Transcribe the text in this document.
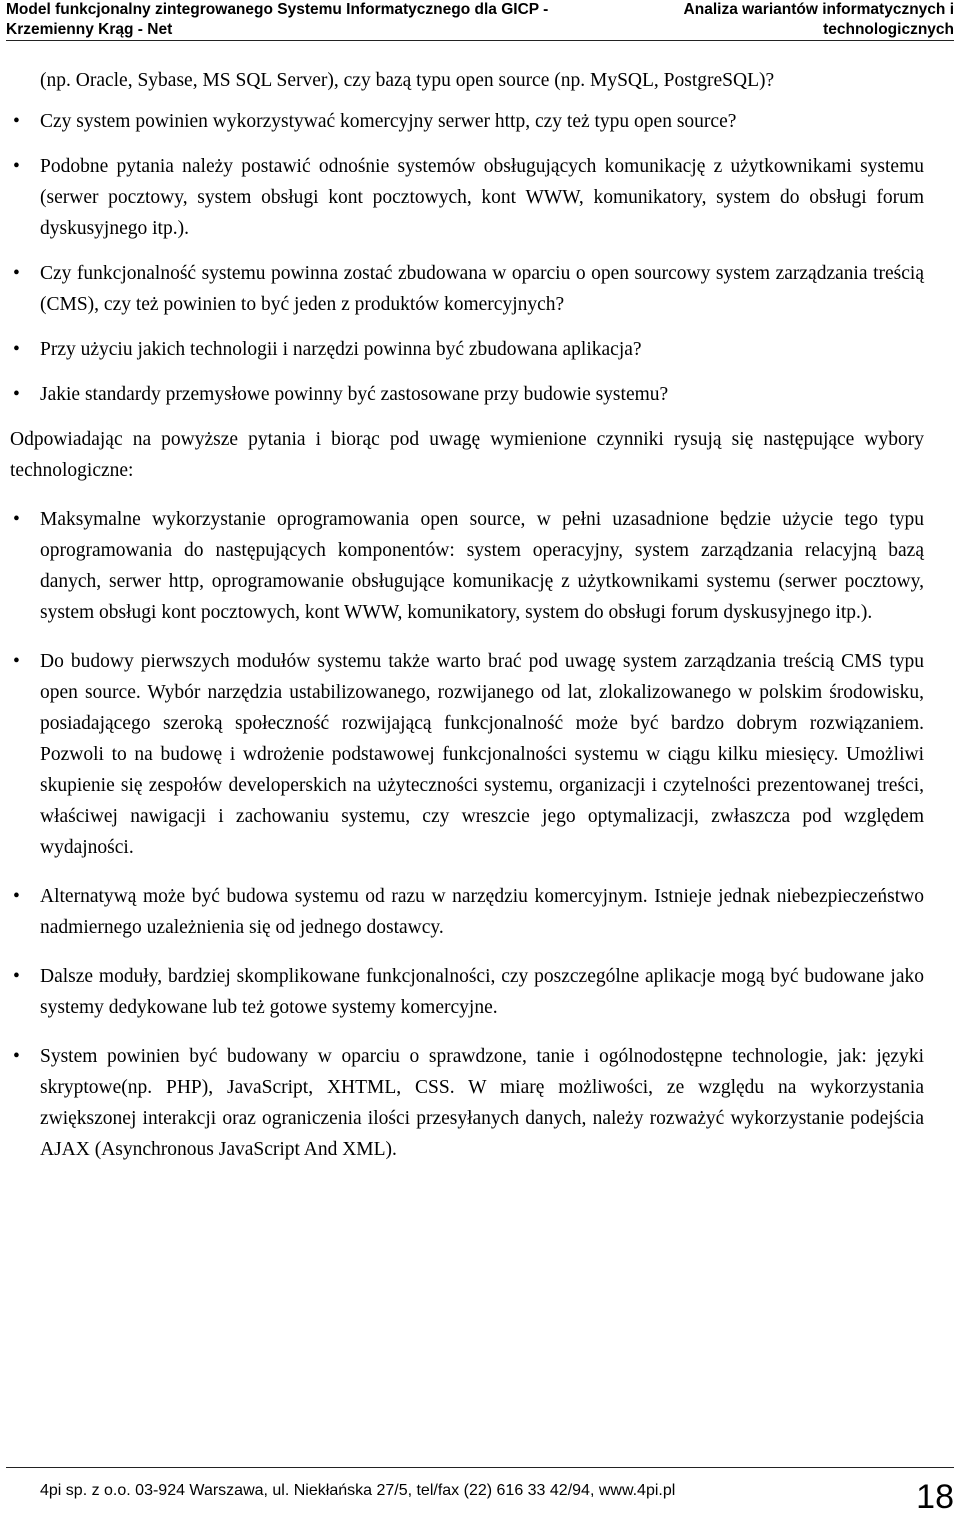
Model funkcjonalny zintegrowanego Systemu Informatycznego dla GICP - Krzemienny Krąg - Net
Analiza wariantów informatycznych i technologicznych

(np. Oracle, Sybase, MS SQL Server), czy bazą typu open source (np. MySQL, PostgreSQL)?

• Czy system powinien wykorzystywać komercyjny serwer http, czy też typu open source?
• Podobne pytania należy postawić odnośnie systemów obsługujących komunikację z użytkownikami systemu (serwer pocztowy, system obsługi kont pocztowych, kont WWW, komunikatory, system do obsługi forum dyskusyjnego itp.).
• Czy funkcjonalność systemu powinna zostać zbudowana w oparciu o open sourcowy system zarządzania treścią (CMS), czy też powinien to być jeden z produktów komercyjnych?
• Przy użyciu jakich technologii i narzędzi powinna być zbudowana aplikacja?
• Jakie standardy przemysłowe powinny być zastosowane przy budowie systemu?

Odpowiadając na powyższe pytania i biorąc pod uwagę wymienione czynniki rysują się następujące wybory technologiczne:

• Maksymalne wykorzystanie oprogramowania open source, w pełni uzasadnione będzie użycie tego typu oprogramowania do następujących komponentów: system operacyjny, system zarządzania relacyjną bazą danych, serwer http, oprogramowanie obsługujące komunikację z użytkownikami systemu (serwer pocztowy, system obsługi kont pocztowych, kont WWW, komunikatory, system do obsługi forum dyskusyjnego itp.).
• Do budowy pierwszych modułów systemu także warto brać pod uwagę system zarządzania treścią CMS typu open source. Wybór narzędzia ustabilizowanego, rozwijanego od lat, zlokalizowanego w polskim środowisku, posiadającego szeroką społeczność rozwijającą funkcjonalność może być bardzo dobrym rozwiązaniem. Pozwoli to na budowę i wdrożenie podstawowej funkcjonalności systemu w ciągu kilku miesięcy. Umożliwi skupienie się zespołów developerskich na użyteczności systemu, organizacji i czytelności prezentowanej treści, właściwej nawigacji i zachowaniu systemu, czy wreszcie jego optymalizacji, zwłaszcza pod względem wydajności.
• Alternatywą może być budowa systemu od razu w narzędziu komercyjnym. Istnieje jednak niebezpieczeństwo nadmiernego uzależnienia się od jednego dostawcy.
• Dalsze moduły, bardziej skomplikowane funkcjonalności, czy poszczególne aplikacje mogą być budowane jako systemy dedykowane lub też gotowe systemy komercyjne.
• System powinien być budowany w oparciu o sprawdzone, tanie i ogólnodostępne technologie, jak: języki skryptowe(np. PHP), JavaScript, XHTML, CSS. W miarę możliwości, ze względu na wykorzystania zwiększonej interakcji oraz ograniczenia ilości przesyłanych danych, należy rozważyć wykorzystanie podejścia AJAX (Asynchronous JavaScript And XML).
4pi sp. z o.o. 03-924 Warszawa, ul. Niekłańska 27/5, tel/fax (22) 616 33 42/94, www.4pi.pl	18
